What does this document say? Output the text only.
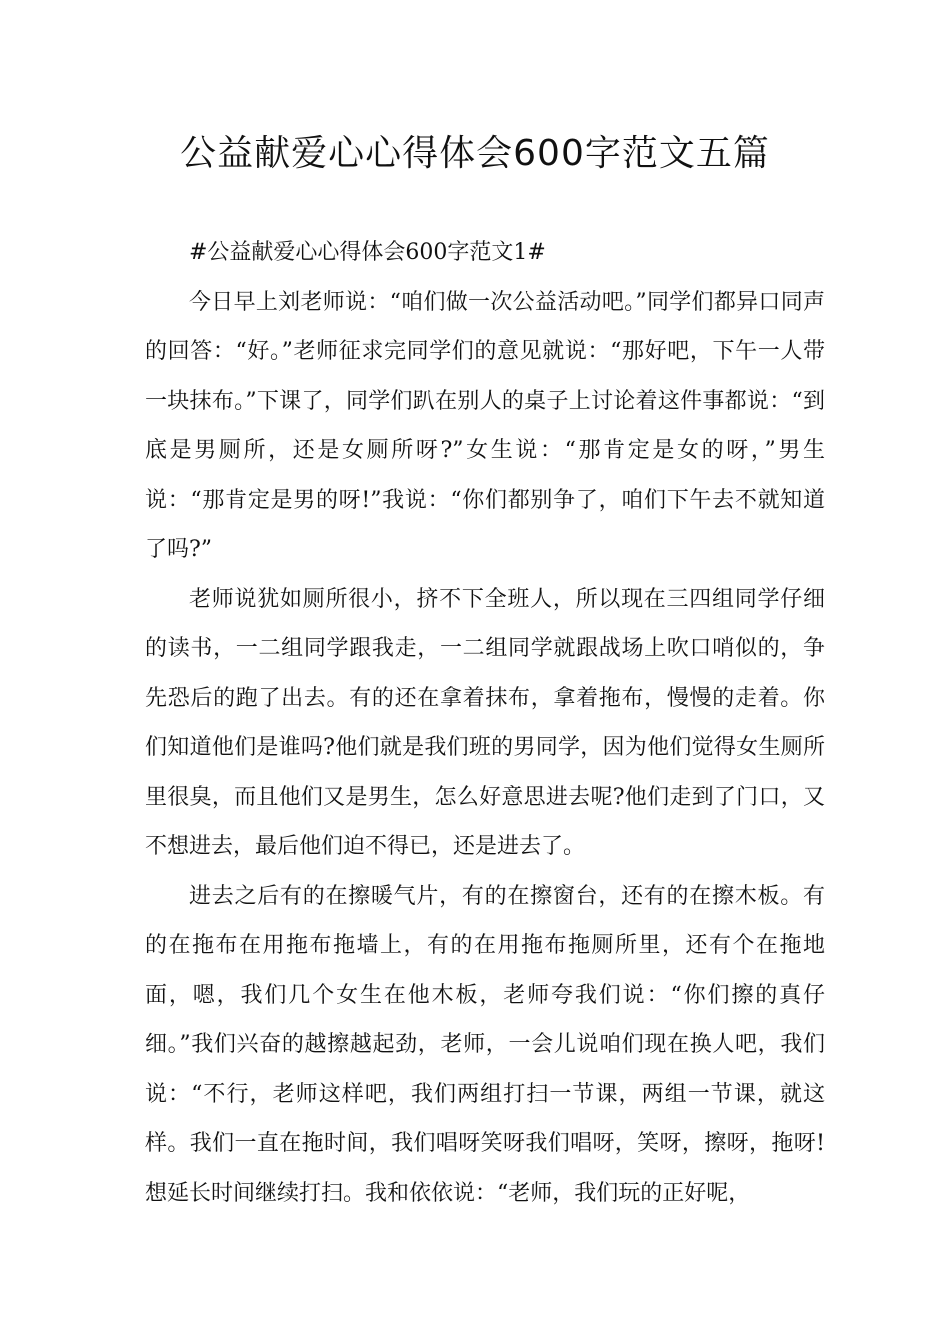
公益献爱心心得体会600字范文五篇

#公益献爱心心得体会600字范文1#

今日早上刘老师说：“咱们做一次公益活动吧。”同学们都异口同声的回答：“好。”老师征求完同学们的意见就说：“那好吧，下午一人带一块抹布。”下课了，同学们趴在别人的桌子上讨论着这件事都说：“到底是男厕所，还是女厕所呀?”女生说：“那肯定是女的呀，”男生说：“那肯定是男的呀!”我说：“你们都别争了，咱们下午去不就知道了吗?”

老师说犹如厕所很小，挤不下全班人，所以现在三四组同学仔细的读书，一二组同学跟我走，一二组同学就跟战场上吹口哨似的，争先恐后的跑了出去。有的还在拿着抹布，拿着拖布，慢慢的走着。你们知道他们是谁吗?他们就是我们班的男同学，因为他们觉得女生厕所里很臭，而且他们又是男生，怎么好意思进去呢?他们走到了门口，又不想进去，最后他们迫不得已，还是进去了。

进去之后有的在擦暖气片，有的在擦窗台，还有的在擦木板。有的在拖布在用拖布拖墙上，有的在用拖布拖厕所里，还有个在拖地面，嗯，我们几个女生在他木板，老师夸我们说：“你们擦的真仔细。”我们兴奋的越擦越起劲，老师，一会儿说咱们现在换人吧，我们说：“不行，老师这样吧，我们两组打扫一节课，两组一节课，就这样。我们一直在拖时间，我们唱呀笑呀我们唱呀，笑呀，擦呀，拖呀!想延长时间继续打扫。我和依依说：“老师，我们玩的正好呢，
